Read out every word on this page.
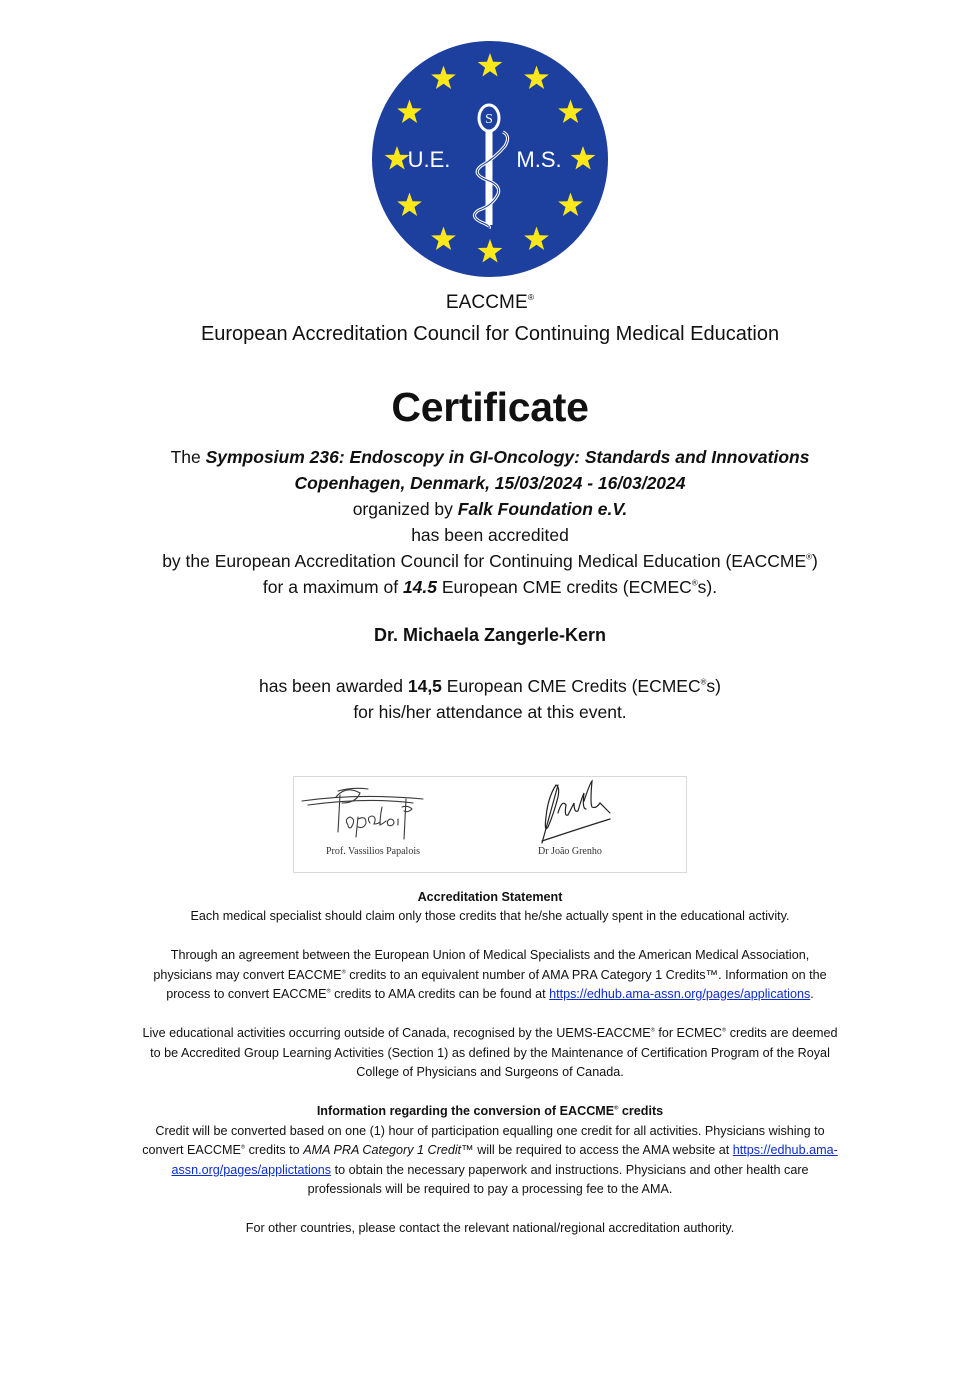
S
U.E.	M.S.
EACCME®
European Accreditation Council for Continuing Medical Education
Certificate
The Symposium 236: Endoscopy in GI-Oncology: Standards and Innovations
Copenhagen, Denmark, 15/03/2024 - 16/03/2024
organized by Falk Foundation e.V.
has been accredited
by the European Accreditation Council for Continuing Medical Education (EACCME®)
for a maximum of 14.5 European CME credits (ECMEC®s).
Dr. Michaela Zangerle-Kern
has been awarded 14,5 European CME Credits (ECMEC®s)
for his/her attendance at this event.
Prof. Vassilios Papalois	Dr João Grenho
Accreditation Statement
Each medical specialist should claim only those credits that he/she actually spent in the educational activity.
Through an agreement between the European Union of Medical Specialists and the American Medical Association,
physicians may convert EACCME® credits to an equivalent number of AMA PRA Category 1 Credits™. Information on the
process to convert EACCME® credits to AMA credits can be found at https://edhub.ama-assn.org/pages/applications.
Live educational activities occurring outside of Canada, recognised by the UEMS-EACCME® for ECMEC® credits are deemed
to be Accredited Group Learning Activities (Section 1) as defined by the Maintenance of Certification Program of the Royal
College of Physicians and Surgeons of Canada.
Information regarding the conversion of EACCME® credits
Credit will be converted based on one (1) hour of participation equalling one credit for all activities. Physicians wishing to
convert EACCME® credits to AMA PRA Category 1 Credit™ will be required to access the AMA website at https://edhub.ama-
assn.org/pages/applictations to obtain the necessary paperwork and instructions. Physicians and other health care
professionals will be required to pay a processing fee to the AMA.
For other countries, please contact the relevant national/regional accreditation authority.
